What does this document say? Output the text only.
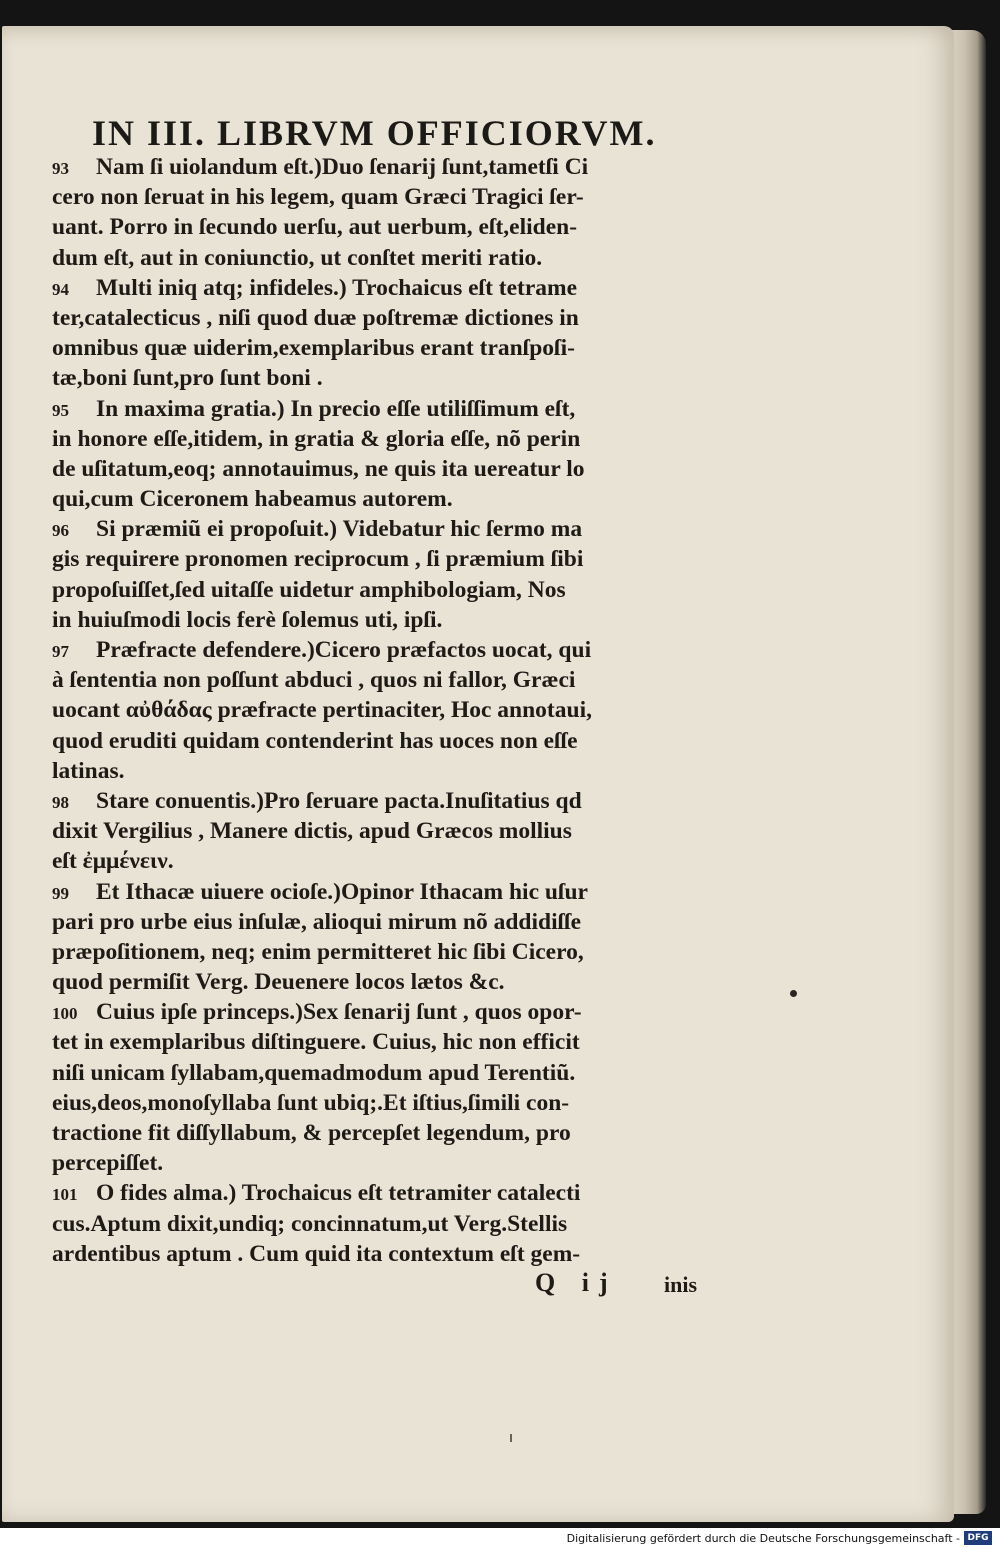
IN III. LIBRVM OFFICIORVM.
93 Nam ſi uiolandum eſt.)Duo ſenarij ſunt,tametſi Ci
cero non ſeruat in his legem, quam Græci Tragici ſer-
uant. Porro in ſecundo uerſu, aut uerbum, eſt,eliden-
dum eſt, aut in coniunctio, ut conſtet meriti ratio.
94 Multi iniq atq; infideles.) Trochaicus eſt tetrame
ter,catalecticus , niſi quod duæ poſtremæ dictiones in
omnibus quæ uiderim,exemplaribus erant tranſpoſi-
tæ,boni ſunt,pro ſunt boni .
95 In maxima gratia.) In precio eſſe utiliſſimum eſt,
in honore eſſe,itidem, in gratia & gloria eſſe, nõ perin
de uſitatum,eoq; annotauimus, ne quis ita uereatur lo
qui,cum Ciceronem habeamus autorem.
96 Si præmiũ ei propoſuit.) Videbatur hic ſermo ma
gis requirere pronomen reciprocum , ſi præmium ſibi
propoſuiſſet,ſed uitaſſe uidetur amphibologiam, Nos
in huiuſmodi locis ferè ſolemus uti, ipſi.
97 Præfracte defendere.)Cicero præfactos uocat, qui
à ſententia non poſſunt abduci , quos ni fallor, Græci
uocant αὐθάδας præfracte pertinaciter, Hoc annotaui,
quod eruditi quidam contenderint has uoces non eſſe
latinas.
98 Stare conuentis.)Pro ſeruare pacta.Inuſitatius qd
dixit Vergilius , Manere dictis, apud Græcos mollius
eſt ἐμμένειν.
99 Et Ithacæ uiuere ocioſe.)Opinor Ithacam hic uſur
pari pro urbe eius inſulæ, alioqui mirum nõ addidiſſe
præpoſitionem, neq; enim permitteret hic ſibi Cicero,
quod permiſit Verg. Deuenere locos lætos &c.
100 Cuius ipſe princeps.)Sex ſenarij ſunt , quos opor-
tet in exemplaribus diſtinguere. Cuius, hic non efficit
niſi unicam ſyllabam,quemadmodum apud Terentiũ.
eius,deos,monoſyllaba ſunt ubiq;.Et iſtius,ſimili con-
tractione fit diſſyllabum, & percepſet legendum, pro
percepiſſet.
101 O fides alma.) Trochaicus eſt tetramiter catalecti
cus.Aptum dixit,undiq; concinnatum,ut Verg.Stellis
ardentibus aptum . Cum quid ita contextum eſt gem-
Q ij inis
Digitalisierung gefördert durch die Deutsche Forschungsgemeinschaft - DFG
